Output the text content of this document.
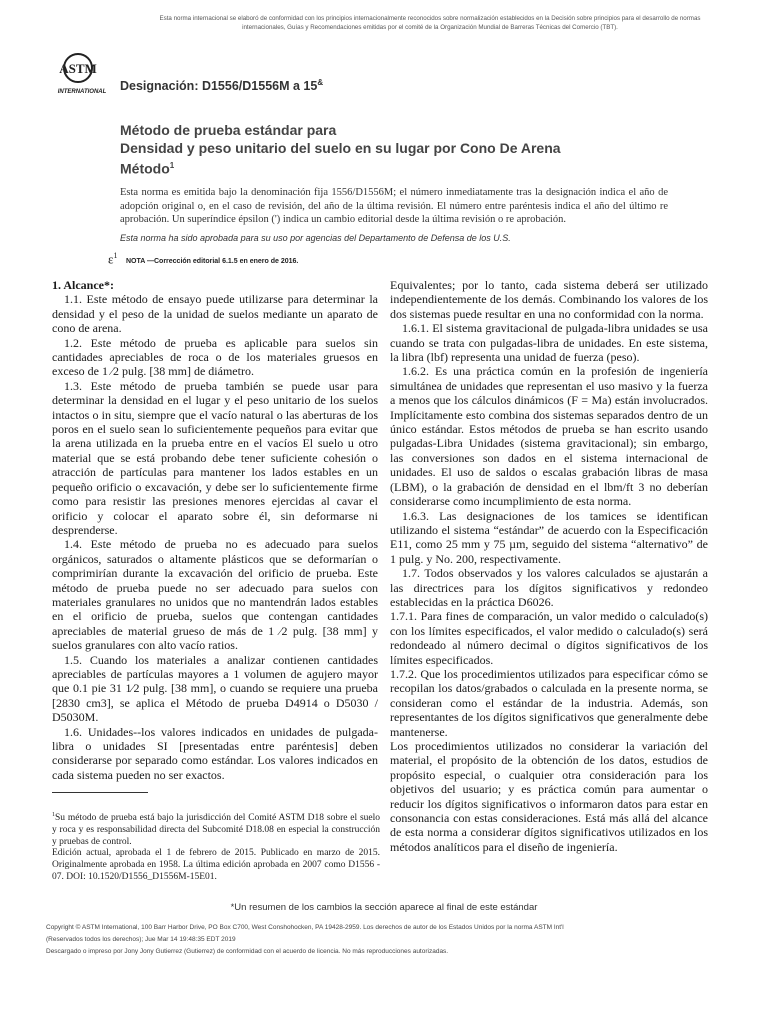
Esta norma internacional se elaboró de conformidad con los principios internacionalmente reconocidos sobre normalización establecidos en la Decisión sobre principios para el desarrollo de normas internacionales, Guías y Recomendaciones emitidas por el comité de la Organización Mundial de Barreras Técnicas del Comercio (TBT).
ASTM
INTERNATIONAL Designación: D1556/D1556M a 15&
Método de prueba estándar para
Densidad y peso unitario del suelo en su lugar por Cono De Arena
Método$^1$
Esta norma es emitida bajo la denominación fija 1556/D1556M; el número inmediatamente tras la designación indica el año de adopción original o, en el caso de revisión, del año de la última revisión. El número entre paréntesis indica el año del último re aprobación. Un superíndice épsilon (') indica un cambio editorial desde la última revisión o re aprobación.
Esta norma ha sido aprobada para su uso por agencias del Departamento de Defensa de los U.S.
$\varepsilon^1$
NOTA —Corrección editorial 6.1.5 en enero de 2016.

1. Alcance*:

1.1. Este método de ensayo puede utilizarse para determinar la densidad y el peso de la unidad de suelos mediante un aparato de cono de arena.

1.2. Este método de prueba es aplicable para suelos sin cantidades apreciables de roca o de los materiales gruesos en exceso de 1 ⁄2 pulg. [38 mm] de diámetro.

1.3. Este método de prueba también se puede usar para determinar la densidad en el lugar y el peso unitario de los suelos intactos o in situ, siempre que el vacío natural o las aberturas de los poros en el suelo sean lo suficientemente pequeños para evitar que la arena utilizada en la prueba entre en el vacíos El suelo u otro material que se está probando debe tener suficiente cohesión o atracción de partículas para mantener los lados estables en un pequeño orificio o excavación, y debe ser lo suficientemente firme como para resistir las presiones menores ejercidas al cavar el orificio y colocar el aparato sobre él, sin deformarse ni desprenderse.

1.4. Este método de prueba no es adecuado para suelos orgánicos, saturados o altamente plásticos que se deformarían o comprimirían durante la excavación del orificio de prueba. Este método de prueba puede no ser adecuado para suelos con materiales granulares no unidos que no mantendrán lados estables en el orificio de prueba, suelos que contengan cantidades apreciables de material grueso de más de 1 ⁄2 pulg. [38 mm] y suelos granulares con alto vacío ratios.

1.5. Cuando los materiales a analizar contienen cantidades apreciables de partículas mayores a 1 volumen de agujero mayor que 0.1 pie 31 1⁄2 pulg. [38 mm], o cuando se requiere una prueba [2830 cm3], se aplica el Método de prueba D4914 o D5030 / D5030M.

1.6. Unidades--los valores indicados en unidades de pulgada-libra o unidades SI [presentadas entre paréntesis] deben considerarse por separado como estándar. Los valores indicados en cada sistema pueden no ser exactos.

$^1$Su método de prueba está bajo la jurisdicción del Comité ASTM D18 sobre el suelo y roca y es responsabilidad directa del Subcomité D18.08 en especial la construcción y pruebas de control.
Edición actual, aprobada el 1 de febrero de 2015. Publicado en marzo de 2015. Originalmente aprobada en 1958. La última edición aprobada en 2007 como D1556 - 07. DOI: 10.1520/D1556_D1556M-15E01.

Equivalentes; por lo tanto, cada sistema deberá ser utilizado independientemente de los demás. Combinando los valores de los dos sistemas puede resultar en una no conformidad con la norma.

1.6.1. El sistema gravitacional de pulgada-libra unidades se usa cuando se trata con pulgadas-libra de unidades. En este sistema, la libra (lbf) representa una unidad de fuerza (peso).

1.6.2. Es una práctica común en la profesión de ingeniería simultánea de unidades que representan el uso masivo y la fuerza a menos que los cálculos dinámicos (F = Ma) están involucrados. Implícitamente esto combina dos sistemas separados dentro de un único estándar. Estos métodos de prueba se han escrito usando pulgadas-Libra Unidades (sistema gravitacional); sin embargo, las conversiones son dados en el sistema internacional de unidades. El uso de saldos o escalas grabación libras de masa (LBM), o la grabación de densidad en el lbm/ft 3 no deberían considerarse como incumplimiento de esta norma.

1.6.3. Las designaciones de los tamices se identifican utilizando el sistema “estándar” de acuerdo con la Especificación E11, como 25 mm y 75 µm, seguido del sistema “alternativo” de 1 pulg. y No. 200, respectivamente.

1.7. Todos observados y los valores calculados se ajustarán a las directrices para los dígitos significativos y redondeo establecidas en la práctica D6026.

1.7.1. Para fines de comparación, un valor medido o calculado(s) con los límites especificados, el valor medido o calculado(s) será redondeado al número decimal o dígitos significativos de los límites especificados.

1.7.2. Que los procedimientos utilizados para especificar cómo se recopilan los datos/grabados o calculada en la presente norma, se consideran como el estándar de la industria. Además, son representantes de los dígitos significativos que generalmente debe mantenerse.

Los procedimientos utilizados no considerar la variación del material, el propósito de la obtención de los datos, estudios de propósito especial, o cualquier otra consideración para los objetivos del usuario; y es práctica común para aumentar o reducir los dígitos significativos o informaron datos para estar en consonancia con estas consideraciones. Está más allá del alcance de esta norma a considerar dígitos significativos utilizados en los métodos analíticos para el diseño de ingeniería.

*Un resumen de los cambios la sección aparece al final de este estándar
Copyright © ASTM International, 100 Barr Harbor Drive, PO Box C700, West Conshohocken, PA 19428-2959. Los derechos de autor de los Estados Unidos por la norma ASTM Int'l
(Reservados todos los derechos); Jue Mar 14 19:48:35 EDT 2019
Descargado o impreso por Jony Jony Gutierrez (Gutierrez) de conformidad con el acuerdo de licencia. No más reproducciones autorizadas.
